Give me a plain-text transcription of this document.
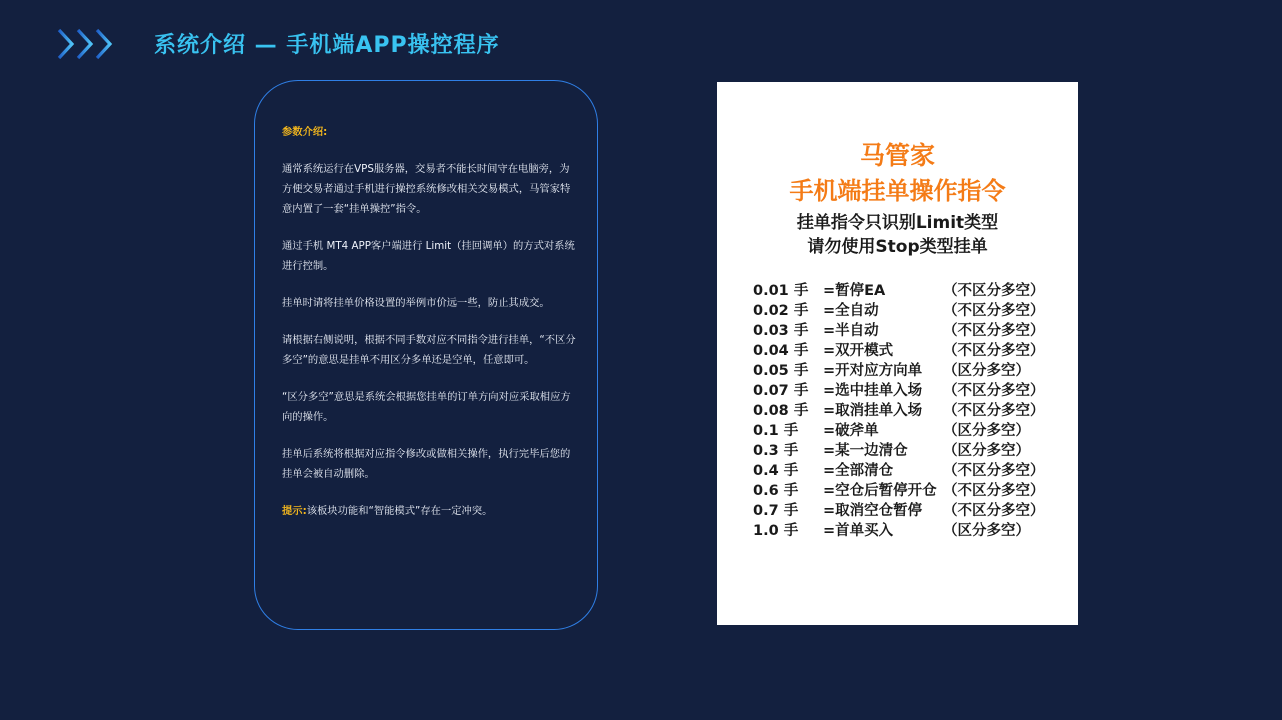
系统介绍 — 手机端APP操控程序

参数介绍:

通常系统运行在VPS服务器，交易者不能长时间守在电脑旁，为方便交易者通过手机进行操控系统修改相关交易模式，马管家特意内置了一套“挂单操控”指令。

通过手机 MT4 APP客户端进行 Limit（挂回调单）的方式对系统进行控制。

挂单时请将挂单价格设置的举例市价远一些，防止其成交。

请根据右侧说明，根据不同手数对应不同指令进行挂单，“不区分多空”的意思是挂单不用区分多单还是空单，任意即可。

“区分多空”意思是系统会根据您挂单的订单方向对应采取相应方向的操作。

挂单后系统将根据对应指令修改或做相关操作，执行完毕后您的挂单会被自动删除。

提示:该板块功能和“智能模式”存在一定冲突。

马管家
手机端挂单操作指令
挂单指令只识别Limit类型
请勿使用Stop类型挂单
0.01 手 =暂停EA	（不区分多空）
0.02 手 =全自动	（不区分多空）
0.03 手 =半自动	（不区分多空）
0.04 手 =双开模式	（不区分多空）
0.05 手 =开对应方向单 （区分多空）
0.07 手 =选中挂单入场 （不区分多空）
0.08 手 =取消挂单入场 （不区分多空）
0.1 手 =破斧单	（区分多空）
0.3 手 =某一边清仓 （区分多空）
0.4 手 =全部清仓	（不区分多空）
0.6 手 =空仓后暂停开仓 （不区分多空）
0.7 手 =取消空仓暂停 （不区分多空）
1.0 手 =首单买入	（区分多空）
